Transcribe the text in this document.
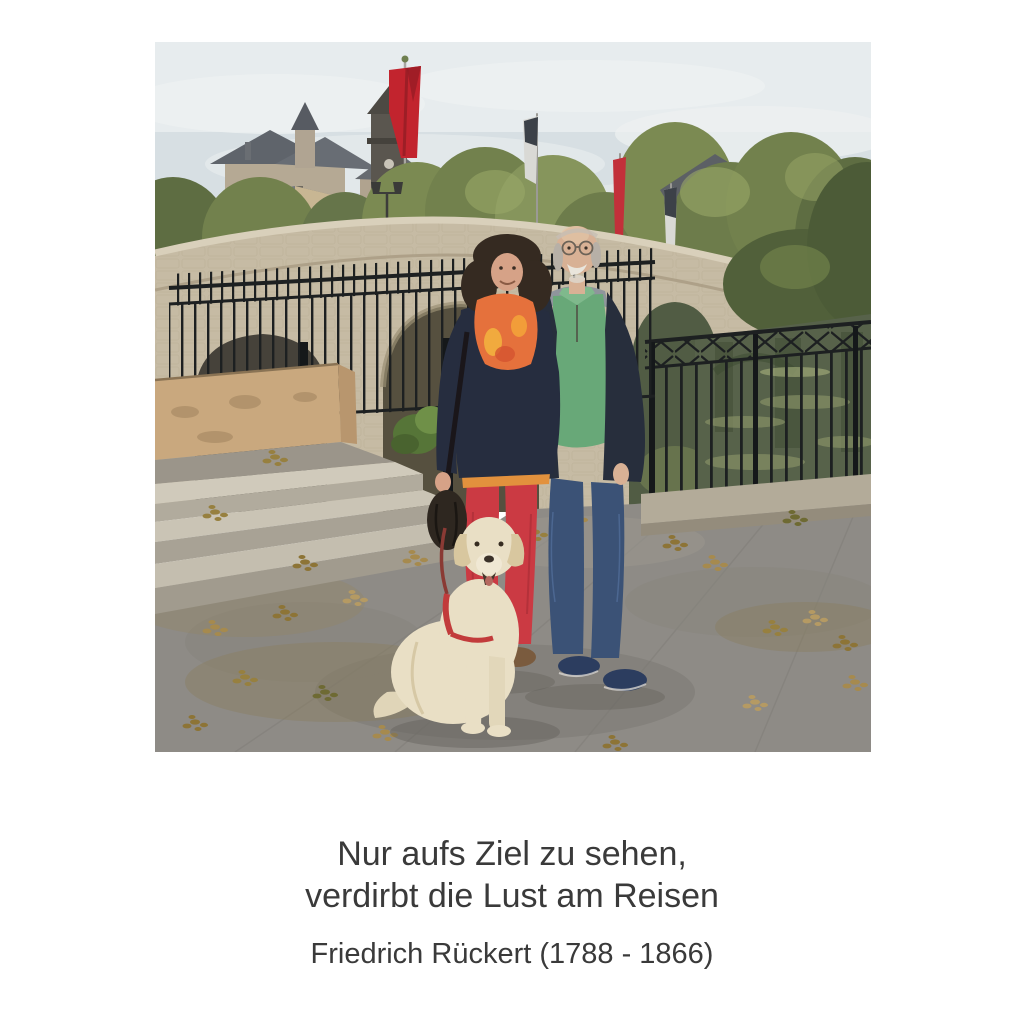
Nur aufs Ziel zu sehen,
verdirbt die Lust am Reisen

Friedrich Rückert (1788 - 1866)
